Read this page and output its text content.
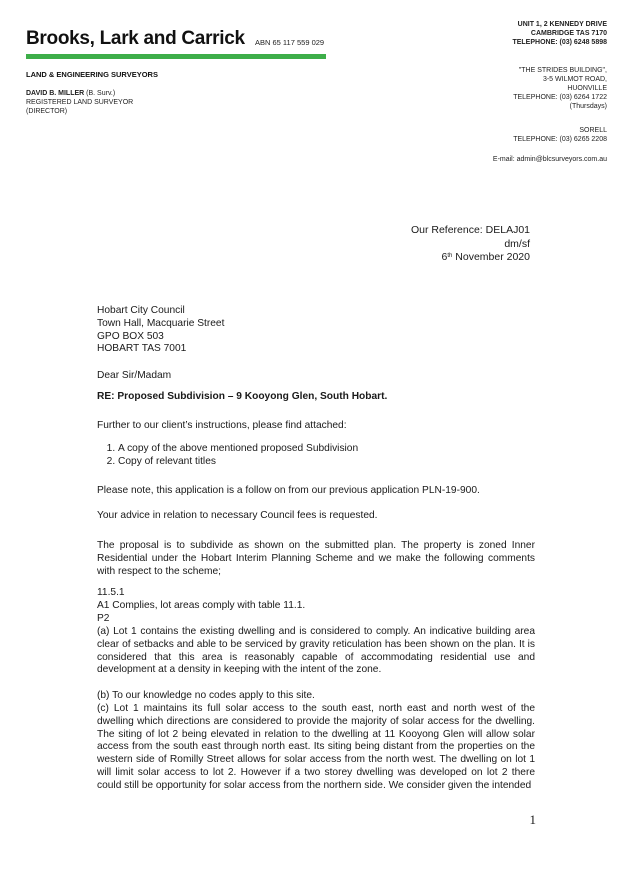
Brooks, Lark and Carrick ABN 65 117 559 029
LAND & ENGINEERING SURVEYORS
DAVID B. MILLER (B. Surv.)
REGISTERED LAND SURVEYOR
(DIRECTOR)
UNIT 1, 2 KENNEDY DRIVE
CAMBRIDGE TAS 7170
TELEPHONE: (03) 6248 5898
"THE STRIDES BUILDING",
3-5 WILMOT ROAD,
HUONVILLE
TELEPHONE: (03) 6264 1722
(Thursdays)
SORELL
TELEPHONE: (03) 6265 2208
E-mail: admin@blcsurveyors.com.au
Our Reference: DELAJ01
dm/sf
6th November 2020
Hobart City Council
Town Hall, Macquarie Street
GPO BOX 503
HOBART TAS 7001
Dear Sir/Madam
RE: Proposed Subdivision – 9 Kooyong Glen, South Hobart.
Further to our client’s instructions, please find attached:
1. A copy of the above mentioned proposed Subdivision
2. Copy of relevant titles
Please note, this application is a follow on from our previous application PLN-19-900.
Your advice in relation to necessary Council fees is requested.
The proposal is to subdivide as shown on the submitted plan. The property is zoned Inner Residential under the Hobart Interim Planning Scheme and we make the following comments with respect to the scheme;
11.5.1
A1 Complies, lot areas comply with table 11.1.
P2
(a) Lot 1 contains the existing dwelling and is considered to comply. An indicative building area clear of setbacks and able to be serviced by gravity reticulation has been shown on the plan. It is considered that this area is reasonably capable of accommodating residential use and development at a density in keeping with the intent of the zone.
(b) To our knowledge no codes apply to this site.
(c) Lot 1 maintains its full solar access to the south east, north east and north west of the dwelling which directions are considered to provide the majority of solar access for the dwelling. The siting of lot 2 being elevated in relation to the dwelling at 11 Kooyong Glen will allow solar access from the south east through north east. Its siting being distant from the properties on the western side of Romilly Street allows for solar access from the north west. The dwelling on lot 1 will limit solar access to lot 2. However if a two storey dwelling was developed on lot 2 there could still be opportunity for solar access from the northern side. We consider given the intended
1
